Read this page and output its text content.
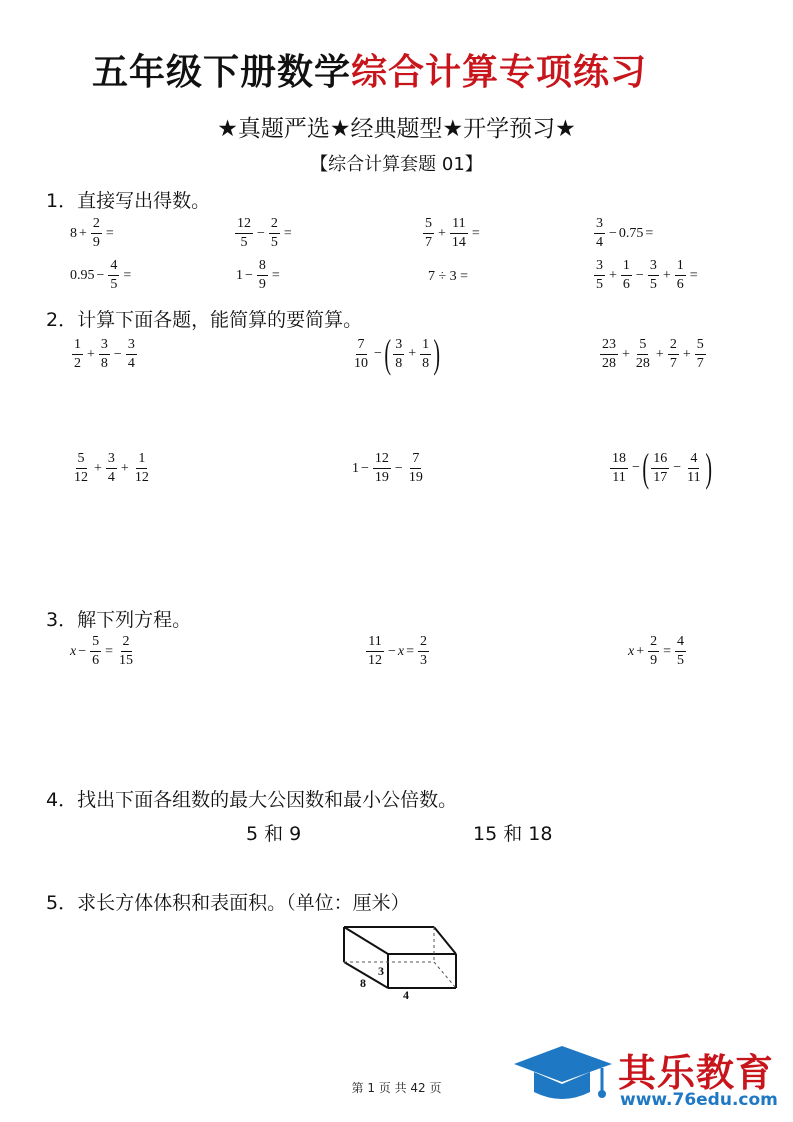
五年级下册数学综合计算专项练习
★真题严选★经典题型★开学预习★
【综合计算套题 01】
1．直接写出得数。
$8 + \frac{2}{9}$ =	$\frac{12}{5} - \frac{2}{5}$ =	$\frac{5}{7} + \frac{11}{14}$ =	$\frac{3}{4} - 0.75$ =
$0.95 - \frac{4}{5}$ =	$1 - \frac{8}{9}$ =	7 ÷ 3 =	$\frac{3}{5} + \frac{1}{6} - \frac{3}{5} + \frac{1}{6}$ =
2．计算下面各题，能简算的要简算。
$\frac{1}{2} + \frac{3}{8} - \frac{3}{4}$	$\frac{7}{10}$ − ( $\frac{3}{8} + \frac{1}{8}$ )	$\frac{23}{28} + \frac{5}{28} + \frac{2}{7} + \frac{5}{7}$
$\frac{5}{12} + \frac{3}{4} + \frac{1}{12}$	$1 - \frac{12}{19} - \frac{7}{19}$	$\frac{18}{11}$ − ( $\frac{16}{17} - \frac{4}{11}$ )
3．解下列方程。
$x - \frac{5}{6} = \frac{2}{15}$	$\frac{11}{12} - x = \frac{2}{3}$	$x + \frac{2}{9} = \frac{4}{5}$
4．找出下面各组数的最大公因数和最小公倍数。
5 和 9	15 和 18
5．求长方体体积和表面积。（单位：厘米）
3
8
4
第 1 页 共 42 页	其乐教育
www.76edu.com
